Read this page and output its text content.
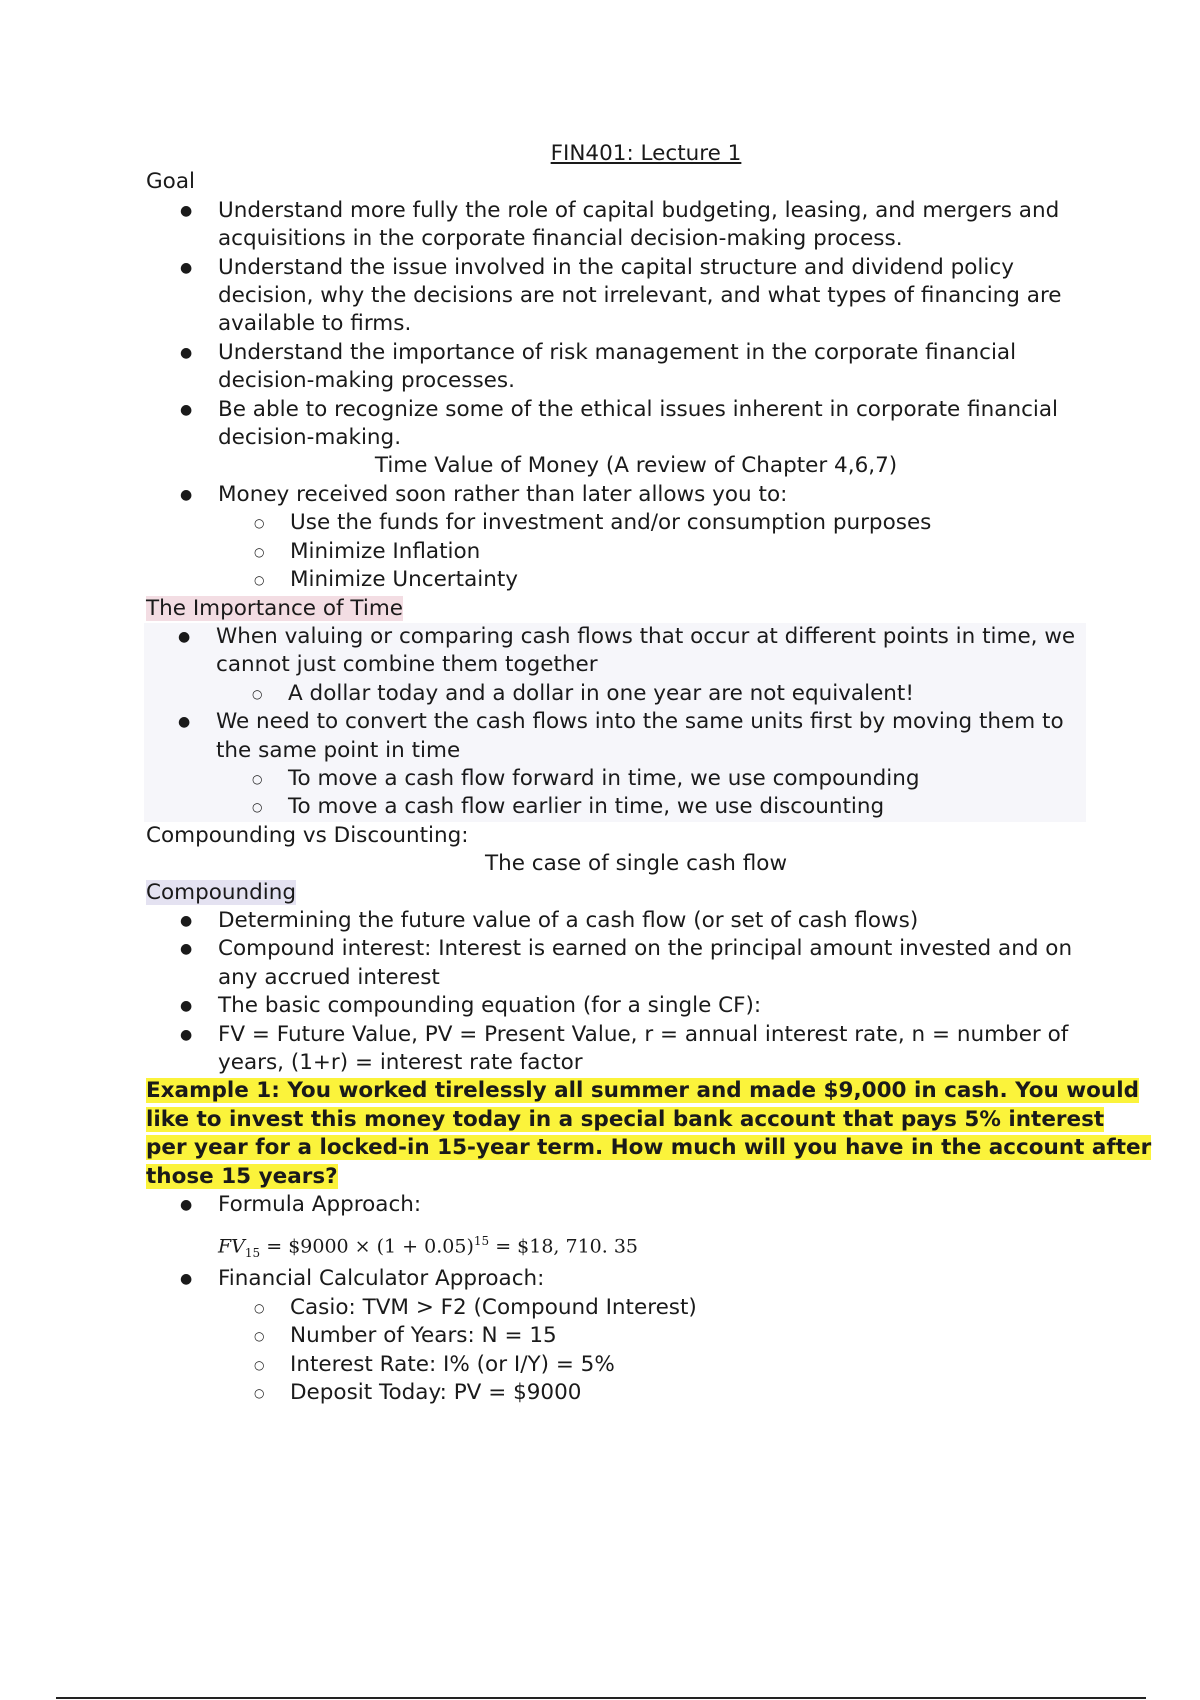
FIN401: Lecture 1
Goal
●	Understand more fully the role of capital budgeting, leasing, and mergers and acquisitions in the corporate financial decision-making process.
●	Understand the issue involved in the capital structure and dividend policy decision, why the decisions are not irrelevant, and what types of financing are available to firms.
●	Understand the importance of risk management in the corporate financial decision-making processes.
●	Be able to recognize some of the ethical issues inherent in corporate financial decision-making.
Time Value of Money (A review of Chapter 4,6,7)
●	Money received soon rather than later allows you to:
○	Use the funds for investment and/or consumption purposes
○	Minimize Inflation
○	Minimize Uncertainty
The Importance of Time
●	When valuing or comparing cash flows that occur at different points in time, we cannot just combine them together
○	A dollar today and a dollar in one year are not equivalent!
●	We need to convert the cash flows into the same units first by moving them to the same point in time
○	To move a cash flow forward in time, we use compounding
○	To move a cash flow earlier in time, we use discounting
Compounding vs Discounting:
The case of single cash flow
Compounding
●	Determining the future value of a cash flow (or set of cash flows)
●	Compound interest: Interest is earned on the principal amount invested and on any accrued interest
●	The basic compounding equation (for a single CF):
●	FV = Future Value, PV = Present Value, r = annual interest rate, n = number of years, (1+r) = interest rate factor
Example 1: You worked tirelessly all summer and made $9,000 in cash. You would
like to invest this money today in a special bank account that pays 5% interest
per year for a locked-in 15-year term. How much will you have in the account after
those 15 years?
●	Formula Approach:
$FV_{15}$ = $9000 × $(1 + 0.05)^{15}$ = $18, 710. 35
●	Financial Calculator Approach:
○	Casio: TVM > F2 (Compound Interest)
○	Number of Years: N = 15
○	Interest Rate: I% (or I/Y) = 5%
○	Deposit Today: PV = $9000
